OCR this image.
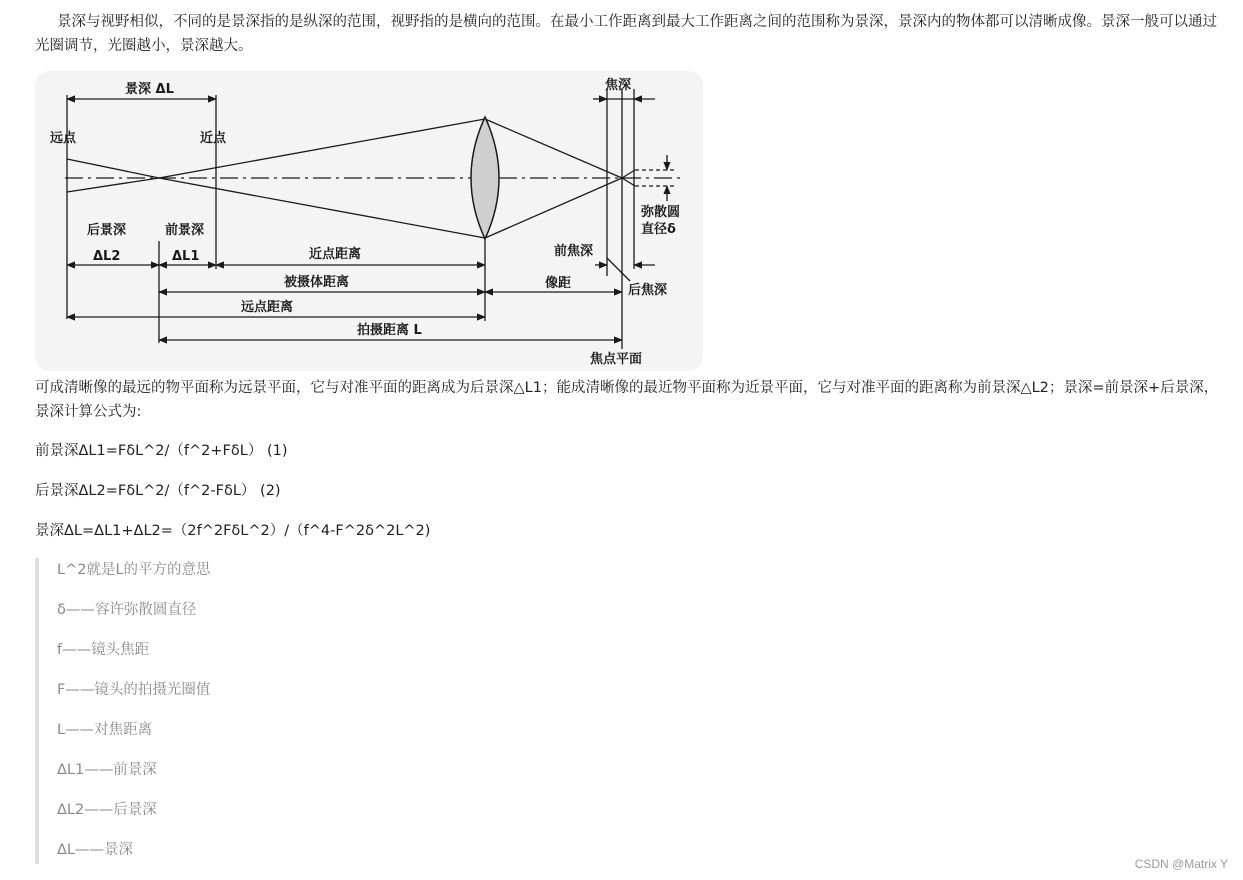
景深与视野相似，不同的是景深指的是纵深的范围，视野指的是横向的范围。在最小工作距离到最大工作距离之间的范围称为景深，景深内的物体都可以清晰成像。景深一般可以通过光圈调节，光圈越小，景深越大。

景深 ΔL
远点	近点
焦深
后景深	前景深
ΔL2	ΔL1	近点距离
被摄体距离
远点距离
拍摄距离 L
像距
前焦深
后焦深
焦点平面
弥散圆
直径δ

可成清晰像的最远的物平面称为远景平面，它与对准平面的距离成为后景深△L1；能成清晰像的最近物平面称为近景平面，它与对准平面的距离称为前景深△L2；景深=前景深+后景深，景深计算公式为:

前景深ΔL1=FδL^2/（f^2+FδL） (1)

后景深ΔL2=FδL^2/（f^2-FδL） (2)

景深ΔL=ΔL1+ΔL2=（2f^2FδL^2）/（f^4-F^2δ^2L^2)

L^2就是L的平方的意思

δ——容许弥散圆直径

f——镜头焦距

F——镜头的拍摄光圈值

L——对焦距离

ΔL1——前景深

ΔL2——后景深

ΔL——景深

CSDN @Matrix Y
